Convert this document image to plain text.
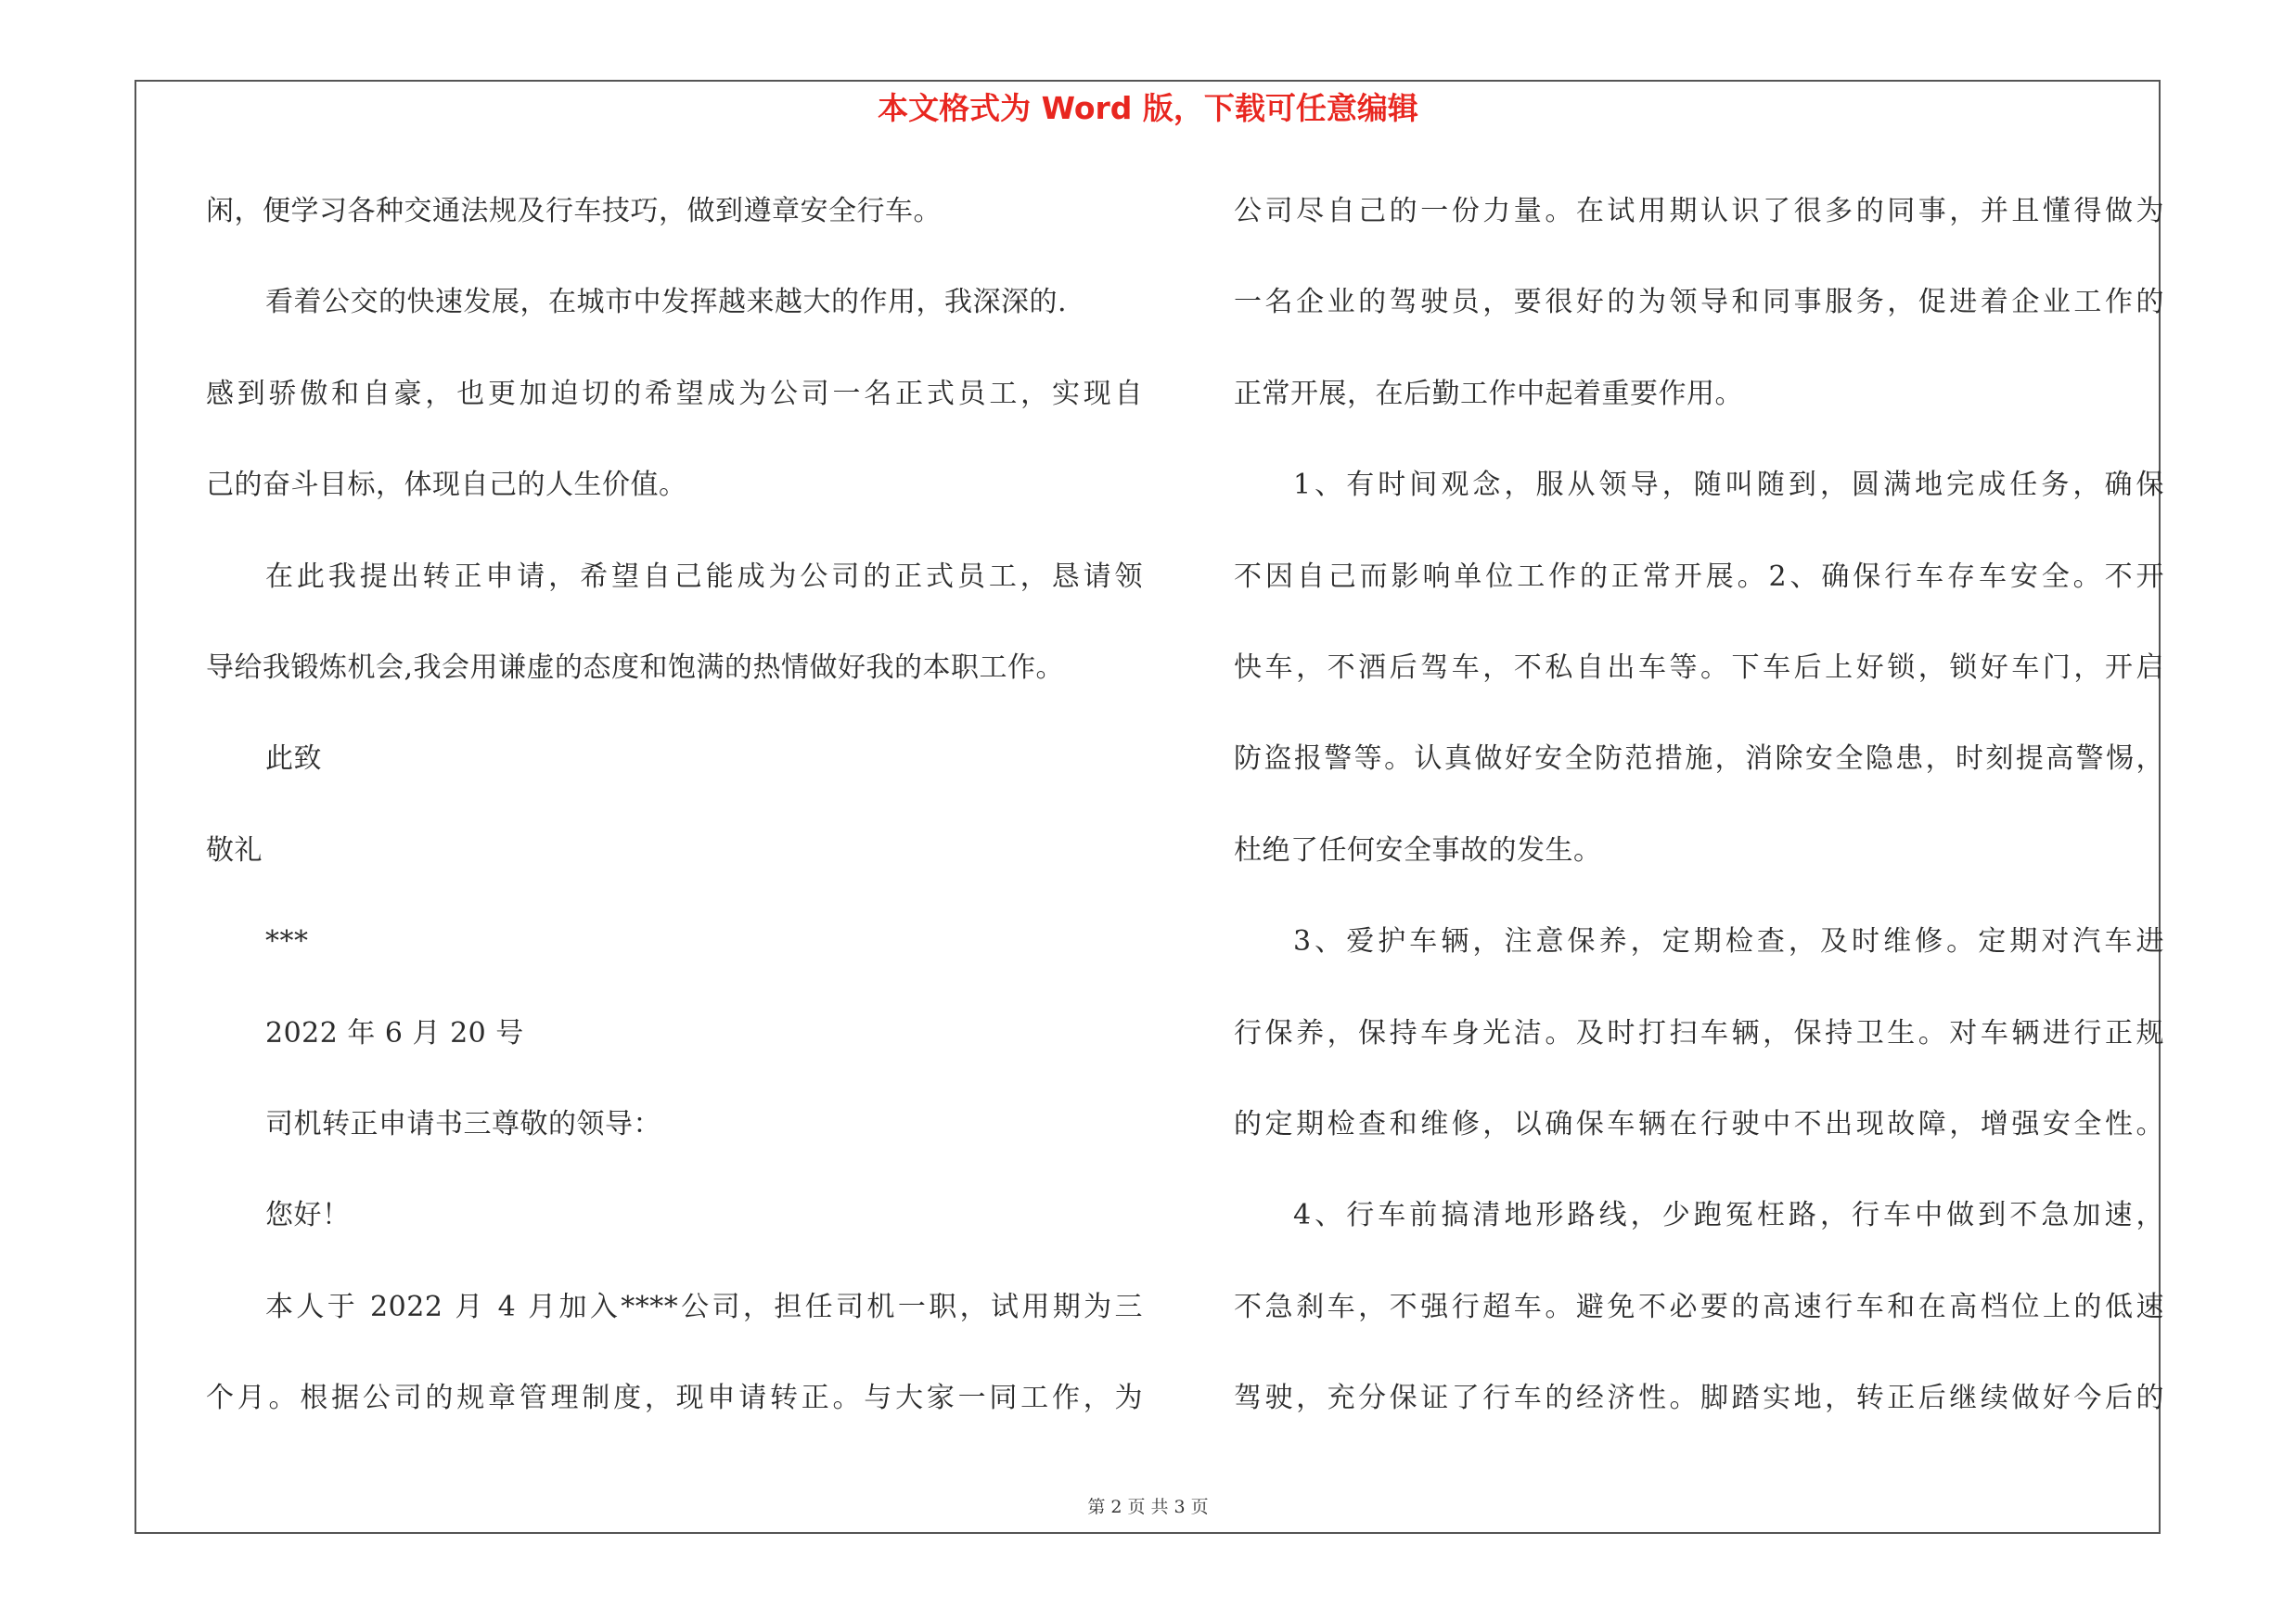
本文格式为 Word 版，下载可任意编辑
闲，便学习各种交通法规及行车技巧，做到遵章安全行车。
看着公交的快速发展，在城市中发挥越来越大的作用，我深深的.
感到骄傲和自豪，也更加迫切的希望成为公司一名正式员工，实现自
己的奋斗目标，体现自己的人生价值。
在此我提出转正申请，希望自己能成为公司的正式员工，恳请领
导给我锻炼机会,我会用谦虚的态度和饱满的热情做好我的本职工作。
此致
敬礼
***
2022 年 6 月 20 号
司机转正申请书三尊敬的领导：
您好！
本人于 2022 月 4 月加入****公司，担任司机一职，试用期为三
个月。根据公司的规章管理制度，现申请转正。与大家一同工作，为
公司尽自己的一份力量。在试用期认识了很多的同事，并且懂得做为
一名企业的驾驶员，要很好的为领导和同事服务，促进着企业工作的
正常开展，在后勤工作中起着重要作用。
1、有时间观念，服从领导，随叫随到，圆满地完成任务，确保
不因自己而影响单位工作的正常开展。2、确保行车存车安全。不开
快车，不酒后驾车，不私自出车等。下车后上好锁，锁好车门，开启
防盗报警等。认真做好安全防范措施，消除安全隐患，时刻提高警惕，
杜绝了任何安全事故的发生。
3、爱护车辆，注意保养，定期检查，及时维修。定期对汽车进
行保养，保持车身光洁。及时打扫车辆，保持卫生。对车辆进行正规
的定期检查和维修，以确保车辆在行驶中不出现故障，增强安全性。
4、行车前搞清地形路线，少跑冤枉路，行车中做到不急加速，
不急刹车，不强行超车。避免不必要的高速行车和在高档位上的低速
驾驶，充分保证了行车的经济性。脚踏实地，转正后继续做好今后的
第 2 页 共 3 页
